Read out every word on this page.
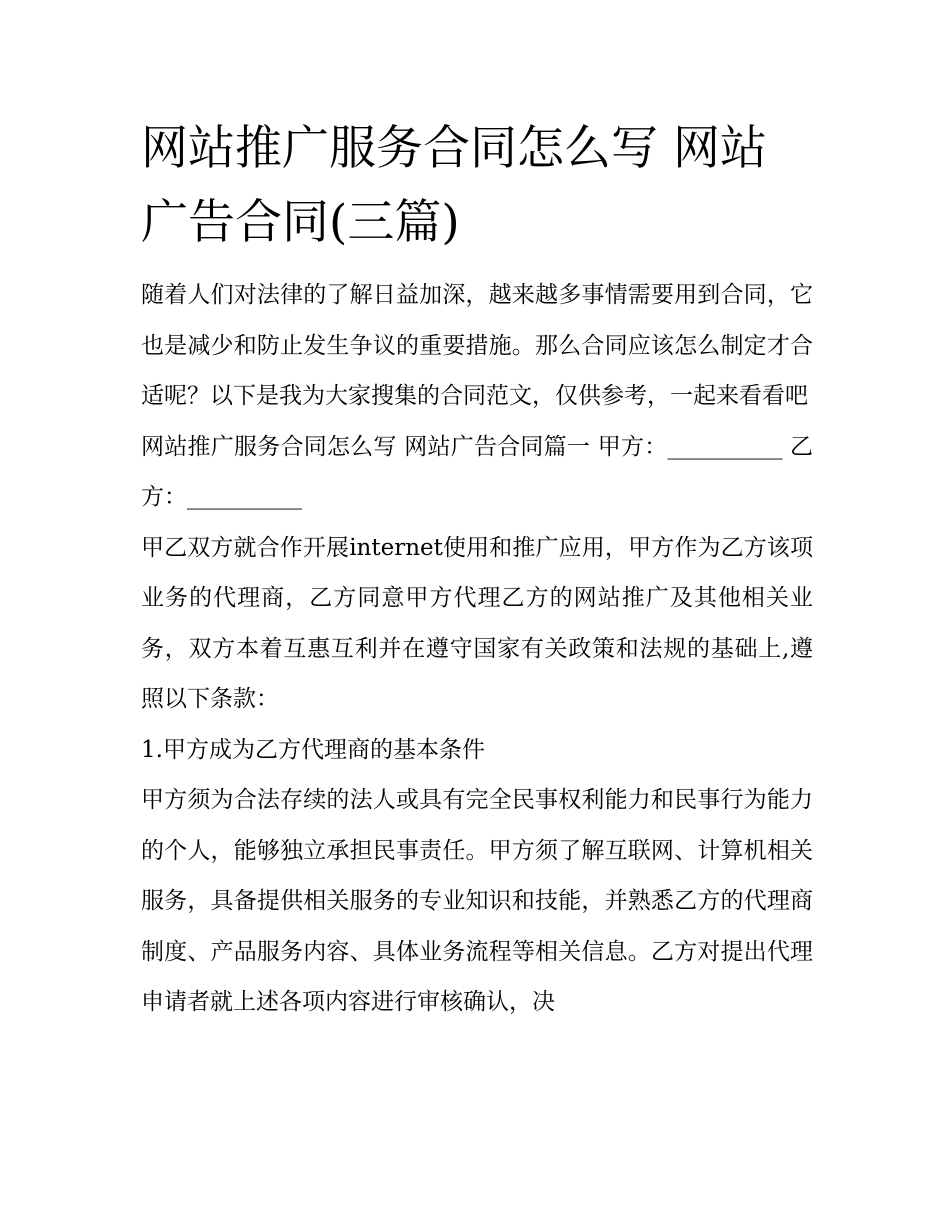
网站推广服务合同怎么写 网站广告合同(三篇)

随着人们对法律的了解日益加深，越来越多事情需要用到合同，它也是减少和防止发生争议的重要措施。那么合同应该怎么制定才合适呢？以下是我为大家搜集的合同范文，仅供参考，一起来看看吧

网站推广服务合同怎么写 网站广告合同篇一 甲方：__________ 乙方：__________

甲乙双方就合作开展internet使用和推广应用，甲方作为乙方该项业务的代理商，乙方同意甲方代理乙方的网站推广及其他相关业务，双方本着互惠互利并在遵守国家有关政策和法规的基础上,遵照以下条款：

1.甲方成为乙方代理商的基本条件

甲方须为合法存续的法人或具有完全民事权利能力和民事行为能力的个人，能够独立承担民事责任。甲方须了解互联网、计算机相关服务，具备提供相关服务的专业知识和技能，并熟悉乙方的代理商制度、产品服务内容、具体业务流程等相关信息。乙方对提出代理申请者就上述各项内容进行审核确认，决
